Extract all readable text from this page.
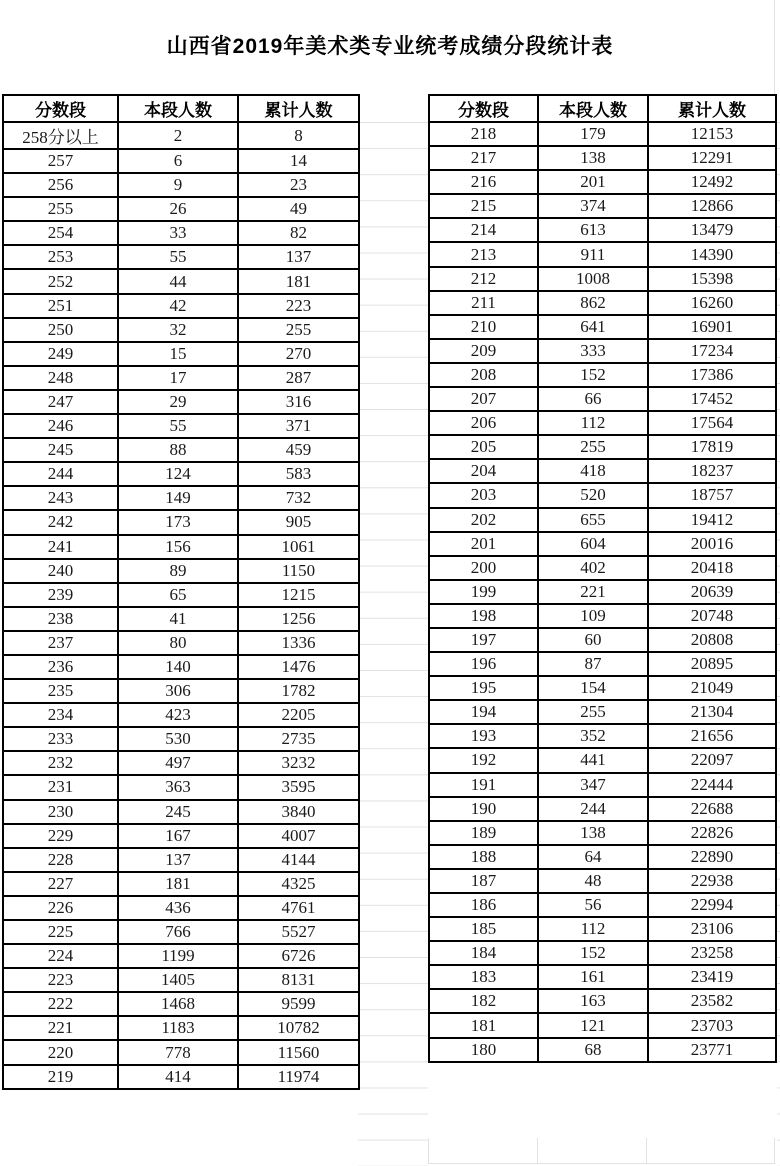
山西省2019年美术类专业统考成绩分段统计表
分数段	本段人数	累计人数
258分以上	2	8
257	6	14
256	9	23
255	26	49
254	33	82
253	55	137
252	44	181
251	42	223
250	32	255
249	15	270
248	17	287
247	29	316
246	55	371
245	88	459
244	124	583
243	149	732
242	173	905
241	156	1061
240	89	1150
239	65	1215
238	41	1256
237	80	1336
236	140	1476
235	306	1782
234	423	2205
233	530	2735
232	497	3232
231	363	3595
230	245	3840
229	167	4007
228	137	4144
227	181	4325
226	436	4761
225	766	5527
224	1199	6726
223	1405	8131
222	1468	9599
221	1183	10782
220	778	11560
219	414	11974
分数段	本段人数	累计人数
218	179	12153
217	138	12291
216	201	12492
215	374	12866
214	613	13479
213	911	14390
212	1008	15398
211	862	16260
210	641	16901
209	333	17234
208	152	17386
207	66	17452
206	112	17564
205	255	17819
204	418	18237
203	520	18757
202	655	19412
201	604	20016
200	402	20418
199	221	20639
198	109	20748
197	60	20808
196	87	20895
195	154	21049
194	255	21304
193	352	21656
192	441	22097
191	347	22444
190	244	22688
189	138	22826
188	64	22890
187	48	22938
186	56	22994
185	112	23106
184	152	23258
183	161	23419
182	163	23582
181	121	23703
180	68	23771
